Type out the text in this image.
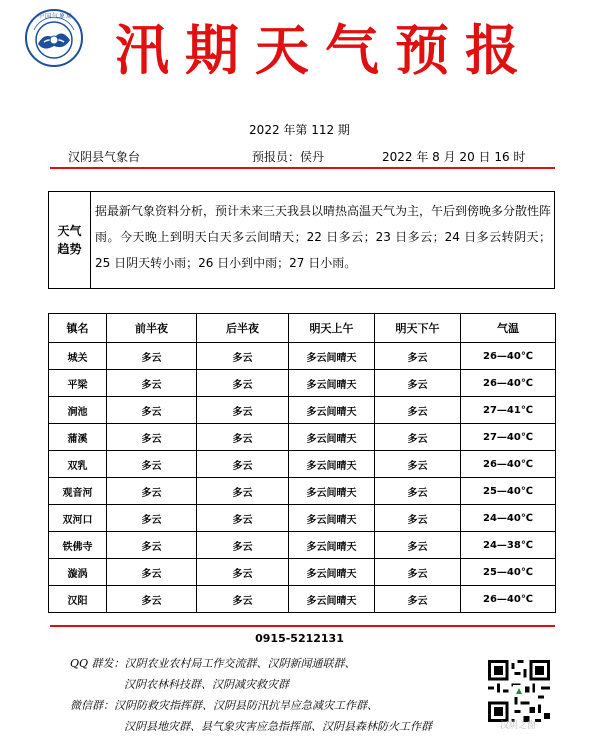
中国气象局
汛期天气预报
2022 年第 112 期
汉阴县气象台	预报员：侯丹	2022 年 8 月 20 日 16 时
天气趋势
据最新气象资料分析，预计未来三天我县以晴热高温天气为主，午后到傍晚多分散性阵雨。今天晚上到明天白天多云间晴天；22 日多云；23 日多云；24 日多云转阴天；25 日阴天转小雨；26 日小到中雨；27 日小雨。
镇名	前半夜	后半夜	明天上午	明天下午	气温
城关	多云	多云	多云间晴天	多云	26—40℃
平梁	多云	多云	多云间晴天	多云	26—40℃
涧池	多云	多云	多云间晴天	多云	27—41℃
蒲溪	多云	多云	多云间晴天	多云	27—40℃
双乳	多云	多云	多云间晴天	多云	26—40℃
观音河	多云	多云	多云间晴天	多云	25—40℃
双河口	多云	多云	多云间晴天	多云	24—40℃
铁佛寺	多云	多云	多云间晴天	多云	24—38℃
漩涡	多云	多云	多云间晴天	多云	25—40℃
汉阳	多云	多云	多云间晴天	多云	26—40℃
0915-5212131
QQ 群发：汉阴农业农村局工作交流群、汉阴新闻通联群、
汉阴农林科技群、汉阴减灾救灾群
微信群：汉阴防救灾指挥群、汉阴县防汛抗旱应急减灾工作群、
汉阴县地灾群、县气象灾害应急指挥部、汉阴县森林防火工作群	汉阴之窗
